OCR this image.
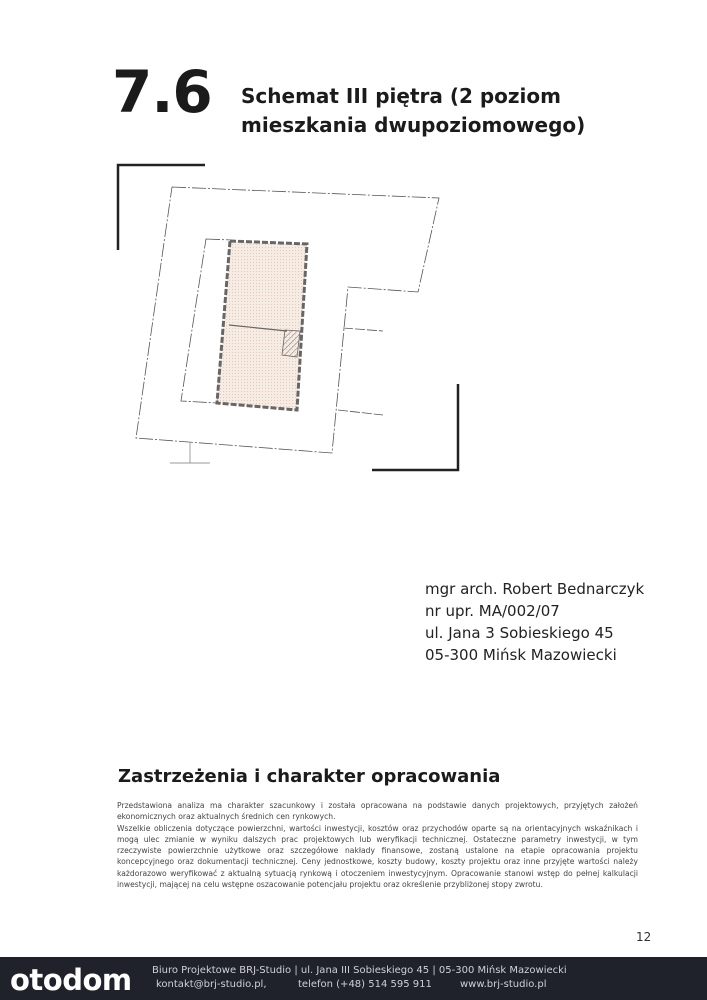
7.6 Schemat III piętra (2 poziom
mieszkania dwupoziomowego)
mgr arch. Robert Bednarczyk
nr upr. MA/002/07
ul. Jana 3 Sobieskiego 45
05-300 Mińsk Mazowiecki
Zastrzeżenia i charakter opracowania

Przedstawiona analiza ma charakter szacunkowy i została opracowana na podstawie danych projektowych, przyjętych założeń ekonomicznych oraz aktualnych średnich cen rynkowych.

Wszelkie obliczenia dotyczące powierzchni, wartości inwestycji, kosztów oraz przychodów oparte są na orientacyjnych wskaźnikach i mogą ulec zmianie w wyniku dalszych prac projektowych lub weryfikacji technicznej. Ostateczne parametry inwestycji, w tym rzeczywiste powierzchnie użytkowe oraz szczegółowe nakłady finansowe, zostaną ustalone na etapie opracowania projektu koncepcyjnego oraz dokumentacji technicznej. Ceny jednostkowe, koszty budowy, koszty projektu oraz inne przyjęte wartości należy każdorazowo weryfikować z aktualną sytuacją rynkową i otoczeniem inwestycyjnym. Opracowanie stanowi wstęp do pełnej kalkulacji inwestycji, mającej na celu wstępne oszacowanie potencjału projektu oraz określenie przybliżonej stopy zwrotu.

12
otodom Biuro Projektowe BRJ-Studio | ul. Jana III Sobieskiego 45 | 05-300 Mińsk Mazowiecki
kontakt@brj-studio.pl,	telefon (+48) 514 595 911	www.brj-studio.pl
